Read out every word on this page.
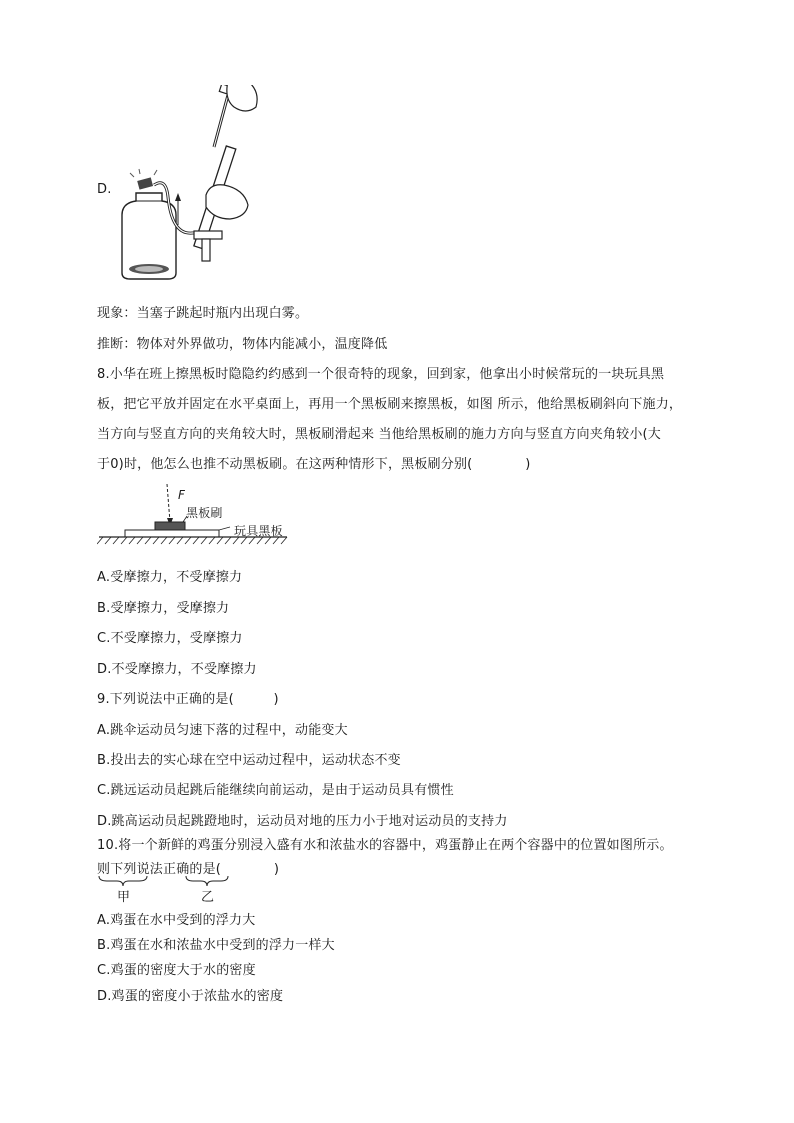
D.
现象：当塞子跳起时瓶内出现白雾。
推断：物体对外界做功，物体内能减小，温度降低
8.小华在班上擦黑板时隐隐约约感到一个很奇特的现象，回到家，他拿出小时候常玩的一块玩具黑
板，把它平放并固定在水平桌面上，再用一个黑板刷来擦黑板，如图 所示，他给黑板刷斜向下施力，
当方向与竖直方向的夹角较大时，黑板刷滑起来 当他给黑板刷的施力方向与竖直方向夹角较小(大
于0)时，他怎么也推不动黑板刷。在这两种情形下，黑板刷分别(　　　　)
F
黑板刷
玩具黑板
A.受摩擦力，不受摩擦力
B.受摩擦力，受摩擦力
C.不受摩擦力，受摩擦力
D.不受摩擦力，不受摩擦力
9.下列说法中正确的是(　　　)
A.跳伞运动员匀速下落的过程中，动能变大
B.投出去的实心球在空中运动过程中，运动状态不变
C.跳远运动员起跳后能继续向前运动，是由于运动员具有惯性
D.跳高运动员起跳蹬地时，运动员对地的压力小于地对运动员的支持力
10.将一个新鲜的鸡蛋分别浸入盛有水和浓盐水的容器中，鸡蛋静止在两个容器中的位置如图所示。
则下列说法正确的是(　　　　)
甲	乙
A.鸡蛋在水中受到的浮力大
B.鸡蛋在水和浓盐水中受到的浮力一样大
C.鸡蛋的密度大于水的密度
D.鸡蛋的密度小于浓盐水的密度
